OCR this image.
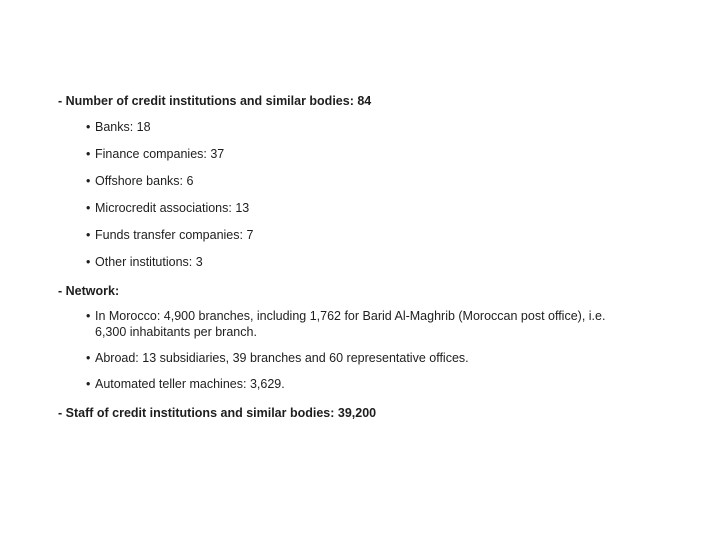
- Number of credit institutions and similar bodies: 84

• Banks: 18
• Finance companies: 37
• Offshore banks: 6
• Microcredit associations: 13
• Funds transfer companies: 7
• Other institutions: 3

- Network:

• In Morocco: 4,900 branches, including 1,762 for Barid Al-Maghrib (Moroccan post office), i.e.
6,300 inhabitants per branch.
• Abroad: 13 subsidiaries, 39 branches and 60 representative offices.
• Automated teller machines: 3,629.

- Staff of credit institutions and similar bodies: 39,200
